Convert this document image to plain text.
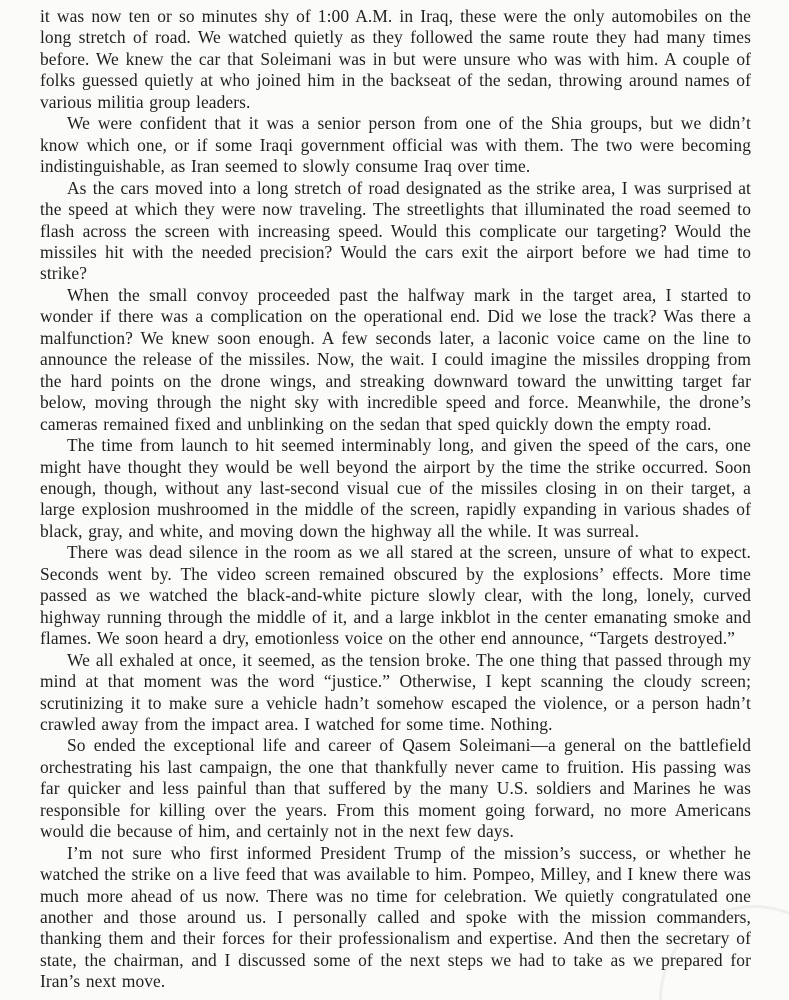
it was now ten or so minutes shy of 1:00 A.M. in Iraq, these were the only automobiles on the long stretch of road. We watched quietly as they followed the same route they had many times before. We knew the car that Soleimani was in but were unsure who was with him. A couple of folks guessed quietly at who joined him in the backseat of the sedan, throwing around names of various militia group leaders.

We were confident that it was a senior person from one of the Shia groups, but we didn’t know which one, or if some Iraqi government official was with them. The two were becoming indistinguishable, as Iran seemed to slowly consume Iraq over time.

As the cars moved into a long stretch of road designated as the strike area, I was surprised at the speed at which they were now traveling. The streetlights that illuminated the road seemed to flash across the screen with increasing speed. Would this complicate our targeting? Would the missiles hit with the needed precision? Would the cars exit the airport before we had time to strike?

When the small convoy proceeded past the halfway mark in the target area, I started to wonder if there was a complication on the operational end. Did we lose the track? Was there a malfunction? We knew soon enough. A few seconds later, a laconic voice came on the line to announce the release of the missiles. Now, the wait. I could imagine the missiles dropping from the hard points on the drone wings, and streaking downward toward the unwitting target far below, moving through the night sky with incredible speed and force. Meanwhile, the drone’s cameras remained fixed and unblinking on the sedan that sped quickly down the empty road.

The time from launch to hit seemed interminably long, and given the speed of the cars, one might have thought they would be well beyond the airport by the time the strike occurred. Soon enough, though, without any last-second visual cue of the missiles closing in on their target, a large explosion mushroomed in the middle of the screen, rapidly expanding in various shades of black, gray, and white, and moving down the highway all the while. It was surreal.

There was dead silence in the room as we all stared at the screen, unsure of what to expect. Seconds went by. The video screen remained obscured by the explosions’ effects. More time passed as we watched the black-and-white picture slowly clear, with the long, lonely, curved highway running through the middle of it, and a large inkblot in the center emanating smoke and flames. We soon heard a dry, emotionless voice on the other end announce, “Targets destroyed.”

We all exhaled at once, it seemed, as the tension broke. The one thing that passed through my mind at that moment was the word “justice.” Otherwise, I kept scanning the cloudy screen; scrutinizing it to make sure a vehicle hadn’t somehow escaped the violence, or a person hadn’t crawled away from the impact area. I watched for some time. Nothing.

So ended the exceptional life and career of Qasem Soleimani—a general on the battlefield orchestrating his last campaign, the one that thankfully never came to fruition. His passing was far quicker and less painful than that suffered by the many U.S. soldiers and Marines he was responsible for killing over the years. From this moment going forward, no more Americans would die because of him, and certainly not in the next few days.

I’m not sure who first informed President Trump of the mission’s success, or whether he watched the strike on a live feed that was available to him. Pompeo, Milley, and I knew there was much more ahead of us now. There was no time for celebration. We quietly congratulated one another and those around us. I personally called and spoke with the mission commanders, thanking them and their forces for their professionalism and expertise. And then the secretary of state, the chairman, and I discussed some of the next steps we had to take as we prepared for Iran’s next move.
